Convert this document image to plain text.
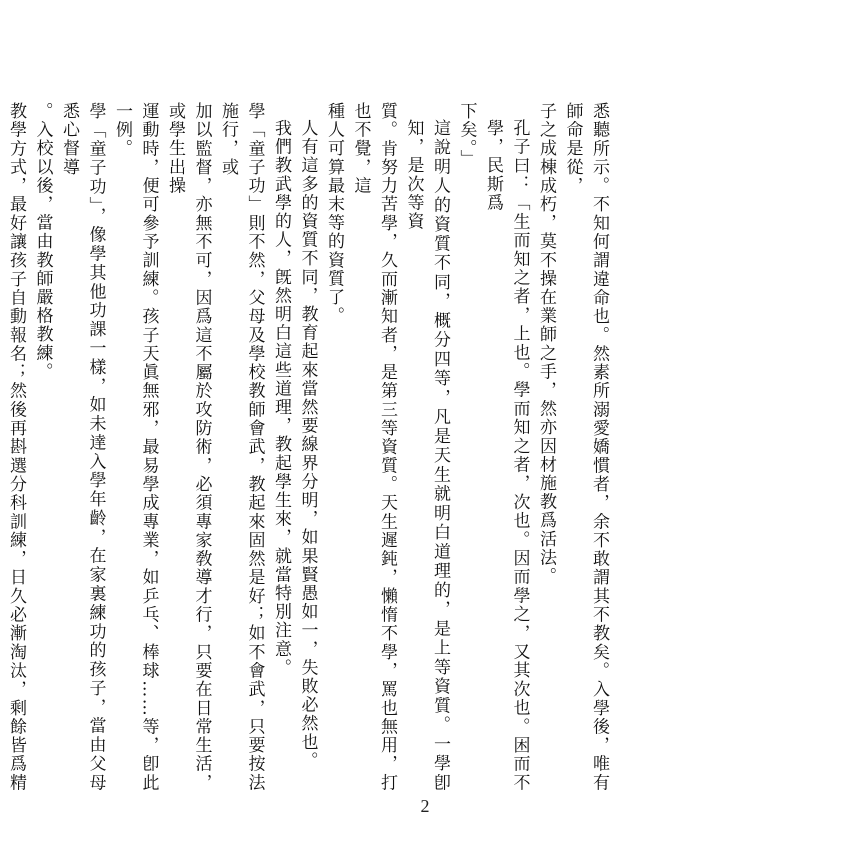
悉聽所示。不知何謂違命也。然素所溺愛嬌慣者，余不敢謂其不教矣。入學後，唯有師命是從，

子之成棟成朽，莫不操在業師之手，然亦因材施教爲活法。

孔子曰：「生而知之者，上也。學而知之者，次也。因而學之，又其次也。困而不學，民斯爲

下矣。」

這說明人的資質不同，概分四等，凡是天生就明白道理的，是上等資質。一學卽知，是次等資

質。肯努力苦學，久而漸知者，是第三等資質。天生遲鈍，懶惰不學，罵也無用，打也不覺，這

種人可算最末等的資質了。

人有這多的資質不同，教育起來當然要線界分明，如果賢愚如一，失敗必然也。

我們教武學的人，旣然明白這些道理，教起學生來，就當特別注意。

學「童子功」則不然，父母及學校教師會武，教起來固然是好；如不會武，只要按法施行，或

加以監督，亦無不可，因爲這不屬於攻防術，必須專家敎導才行，只要在日常生活，或學生出操

運動時，便可參予訓練。孩子天眞無邪，最易學成專業，如乒乓、棒球……等，卽此一例。

學「童子功」，像學其他功課一樣，如未達入學年齡，在家裏練功的孩子，當由父母悉心督導

。入校以後，當由教師嚴格教練。

教學方式，最好讓孩子自動報名；然後再斟選分科訓練，日久必漸淘汰，剩餘皆爲精

2
